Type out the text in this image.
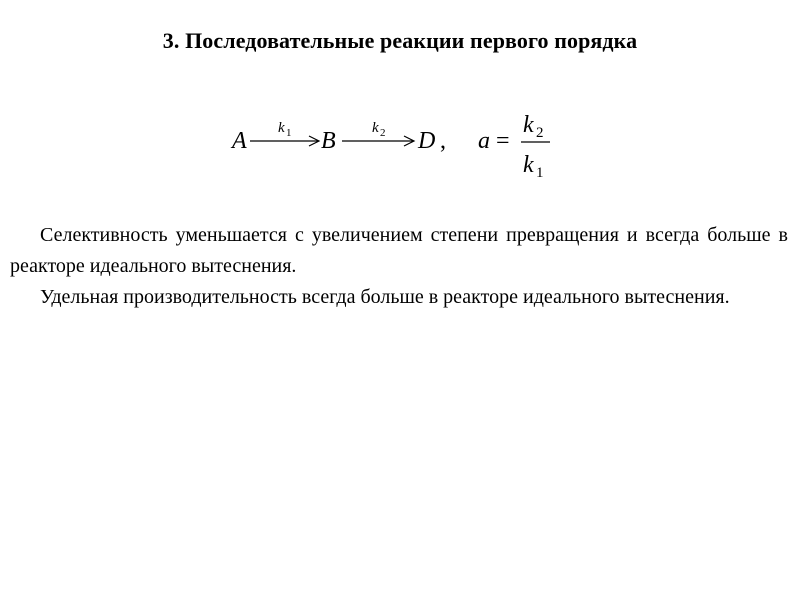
3. Последовательные реакции первого порядка
A k 1 B k 2 D , a =
k 2
k 1

Селективность уменьшается с увеличением степени превращения и всегда больше в реакторе идеального вытеснения.

Удельная производительность всегда больше в реакторе идеального вытеснения.
